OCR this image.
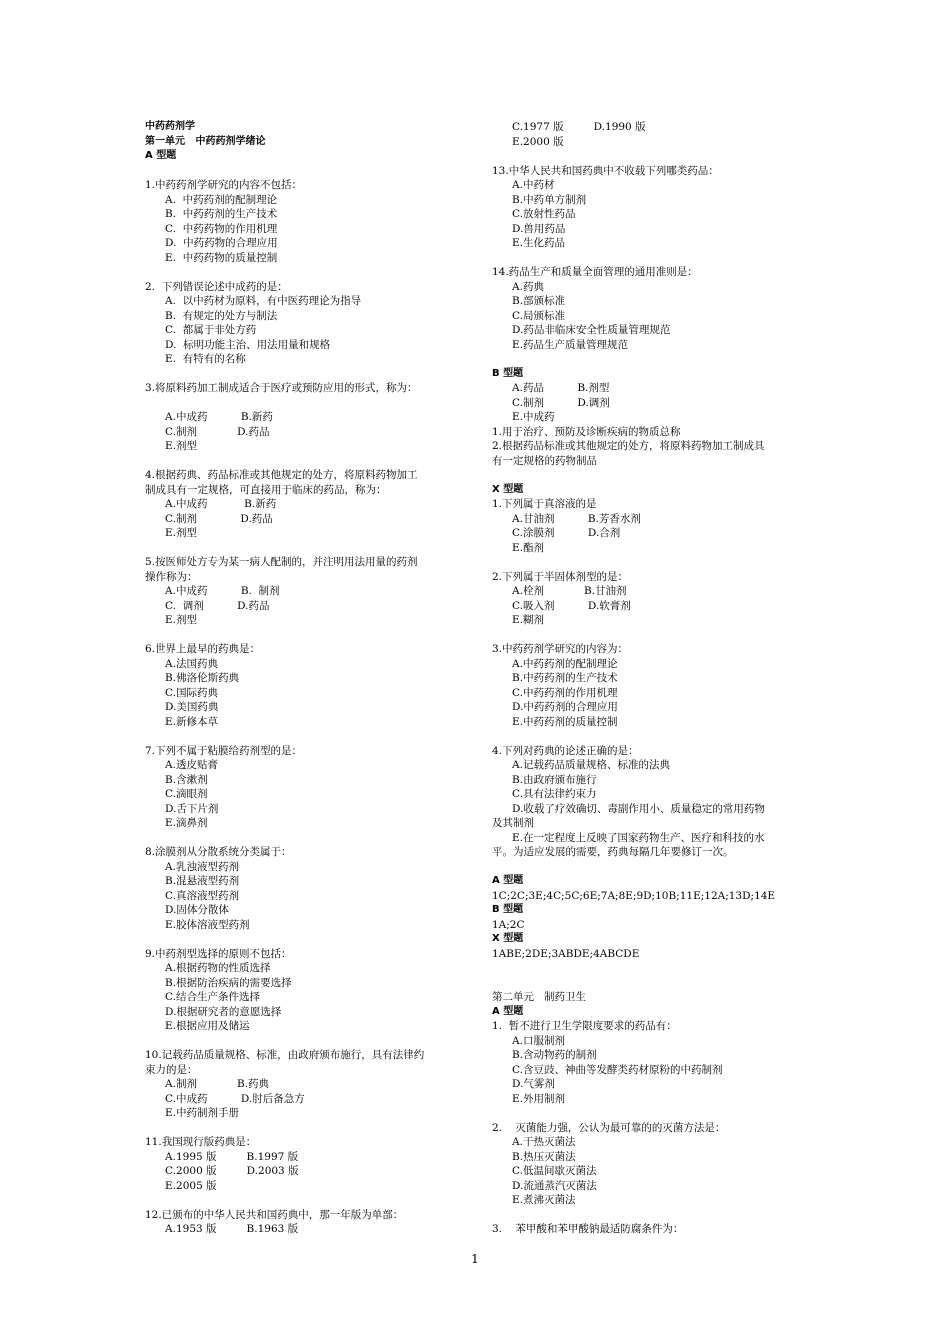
中药药剂学
第一单元   中药药剂学绪论
A 型题
1.中药药剂学研究的内容不包括：
A.  中药药剂的配制理论
B.  中药药剂的生产技术
C.  中药药物的作用机理
D.  中药药物的合理应用
E.  中药药物的质量控制
2.  下列错误论述中成药的是：
A.  以中药材为原料，有中医药理论为指导
B.  有规定的处方与制法
C.  都属于非处方药
D.  标明功能主治、用法用量和规格
E.  有特有的名称
3.将原料药加工制成适合于医疗或预防应用的形式，称为：
A.中成药          B.新药
C.制剂            D.药品
E.剂型
4.根据药典、药品标准或其他规定的处方，将原料药物加工
制成具有一定规格，可直接用于临床的药品，称为：
A.中成药           B.新药
C.制剂             D.药品
E.剂型
5.按医师处方专为某一病人配制的，并注明用法用量的药剂
操作称为：
A.中成药          B.  制剂
C.  调剂          D.药品
E.剂型
6.世界上最早的药典是：
A.法国药典
B.佛洛伦斯药典
C.国际药典
D.美国药典
E.新修本草
7.下列不属于粘膜给药剂型的是：
A.透皮贴膏
B.含漱剂
C.滴眼剂
D.舌下片剂
E.滴鼻剂
8.涂膜剂从分散系统分类属于：
A.乳浊液型药剂
B.混悬液型药剂
C.真溶液型药剂
D.固体分散体
E.胶体溶液型药剂
9.中药剂型选择的原则不包括：
A.根据药物的性质选择
B.根据防治疾病的需要选择
C.结合生产条件选择
D.根据研究者的意愿选择
E.根据应用及储运
10.记载药品质量规格、标准，由政府颁布施行，具有法律约
束力的是：
A.制剂            B.药典
C.中成药          D.肘后备急方
E.中药制剂手册
11.我国现行版药典是：
A.1995 版         B.1997 版
C.2000 版         D.2003 版
E.2005 版
12.已颁布的中华人民共和国药典中，那一年版为单部：
A.1953 版         B.1963 版
C.1977 版         D.1990 版
E.2000 版
13.中华人民共和国药典中不收载下列哪类药品：
A.中药材
B.中药单方制剂
C.放射性药品
D.兽用药品
E.生化药品
14.药品生产和质量全面管理的通用准则是：
A.药典
B.部颁标准
C.局颁标准
D.药品非临床安全性质量管理规范
E.药品生产质量管理规范
B 型题
A.药品          B.剂型
C.制剂          D.调剂
E.中成药
1.用于治疗、预防及诊断疾病的物质总称
2.根据药品标准或其他规定的处方，将原料药物加工制成具
有一定规格的药物制品
X 型题
1.下列属于真溶液的是
A.甘油剂          B.芳香水剂
C.涂膜剂          D.合剂
E.酯剂
2.下列属于半固体剂型的是：
A.栓剂            B.甘油剂
C.吸入剂          D.软膏剂
E.糊剂
3.中药药剂学研究的内容为：
A.中药药剂的配制理论
B.中药药剂的生产技术
C.中药药剂的作用机理
D.中药药剂的合理应用
E.中药药剂的质量控制
4.下列对药典的论述正确的是：
A.记载药品质量规格、标准的法典
B.由政府颁布施行
C.具有法律约束力
D.收载了疗效确切、毒副作用小、质量稳定的常用药物
及其制剂
E.在一定程度上反映了国家药物生产、医疗和科技的水
平。为适应发展的需要，药典每隔几年要修订一次。
A 型题
1C;2C;3E;4C;5C;6E;7A;8E;9D;10B;11E;12A;13D;14E
B 型题
1A;2C
X 型题
1ABE;2DE;3ABDE;4ABCDE
第二单元   制药卫生
A 型题
1.  暂不进行卫生学限度要求的药品有：
A.口服制剂
B.含动物药的制剂
C.含豆豉、神曲等发酵类药材原粉的中药制剂
D.气雾剂
E.外用制剂
2.    灭菌能力强，公认为最可靠的的灭菌方法是：
A.干热灭菌法
B.热压灭菌法
C.低温间歇灭菌法
D.流通蒸汽灭菌法
E.煮沸灭菌法
3.    苯甲酸和苯甲酸钠最适防腐条件为：
1
